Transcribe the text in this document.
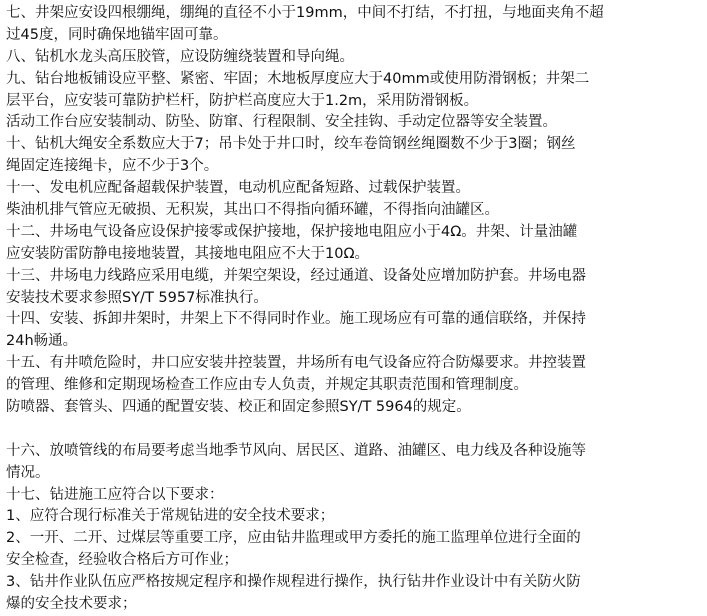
七、井架应安设四根绷绳，绷绳的直径不小于19mm，中间不打结，不打扭，与地面夹角不超
过45度，同时确保地锚牢固可靠。
八、钻机水龙头高压胶管，应设防缠绕装置和导向绳。
九、钻台地板铺设应平整、紧密、牢固；木地板厚度应大于40mm或使用防滑钢板；井架二
层平台，应安装可靠防护栏杆，防护栏高度应大于1.2m，采用防滑钢板。
活动工作台应安装制动、防坠、防窜、行程限制、安全挂钩、手动定位器等安全装置。
十、钻机大绳安全系数应大于7；吊卡处于井口时，绞车卷筒钢丝绳圈数不少于3圈；钢丝
绳固定连接绳卡，应不少于3个。
十一、发电机应配备超载保护装置，电动机应配备短路、过载保护装置。
柴油机排气管应无破损、无积炭，其出口不得指向循环罐，不得指向油罐区。
十二、井场电气设备应设保护接零或保护接地，保护接地电阻应小于4Ω。井架、计量油罐
应安装防雷防静电接地装置，其接地电阻应不大于10Ω。
十三、井场电力线路应采用电缆，并架空架设，经过通道、设备处应增加防护套。井场电器
安装技术要求参照SY/T 5957标准执行。
十四、安装、拆卸井架时，井架上下不得同时作业。施工现场应有可靠的通信联络，并保持
24h畅通。
十五、有井喷危险时，井口应安装井控装置，井场所有电气设备应符合防爆要求。井控装置
的管理、维修和定期现场检查工作应由专人负责，并规定其职责范围和管理制度。
防喷器、套管头、四通的配置安装、校正和固定参照SY/T 5964的规定。
十六、放喷管线的布局要考虑当地季节风向、居民区、道路、油罐区、电力线及各种设施等
情况。
十七、钻进施工应符合以下要求：
1、应符合现行标准关于常规钻进的安全技术要求；
2、一开、二开、过煤层等重要工序，应由钻井监理或甲方委托的施工监理单位进行全面的
安全检查，经验收合格后方可作业；
3、钻井作业队伍应严格按规定程序和操作规程进行操作，执行钻井作业设计中有关防火防
爆的安全技术要求；
